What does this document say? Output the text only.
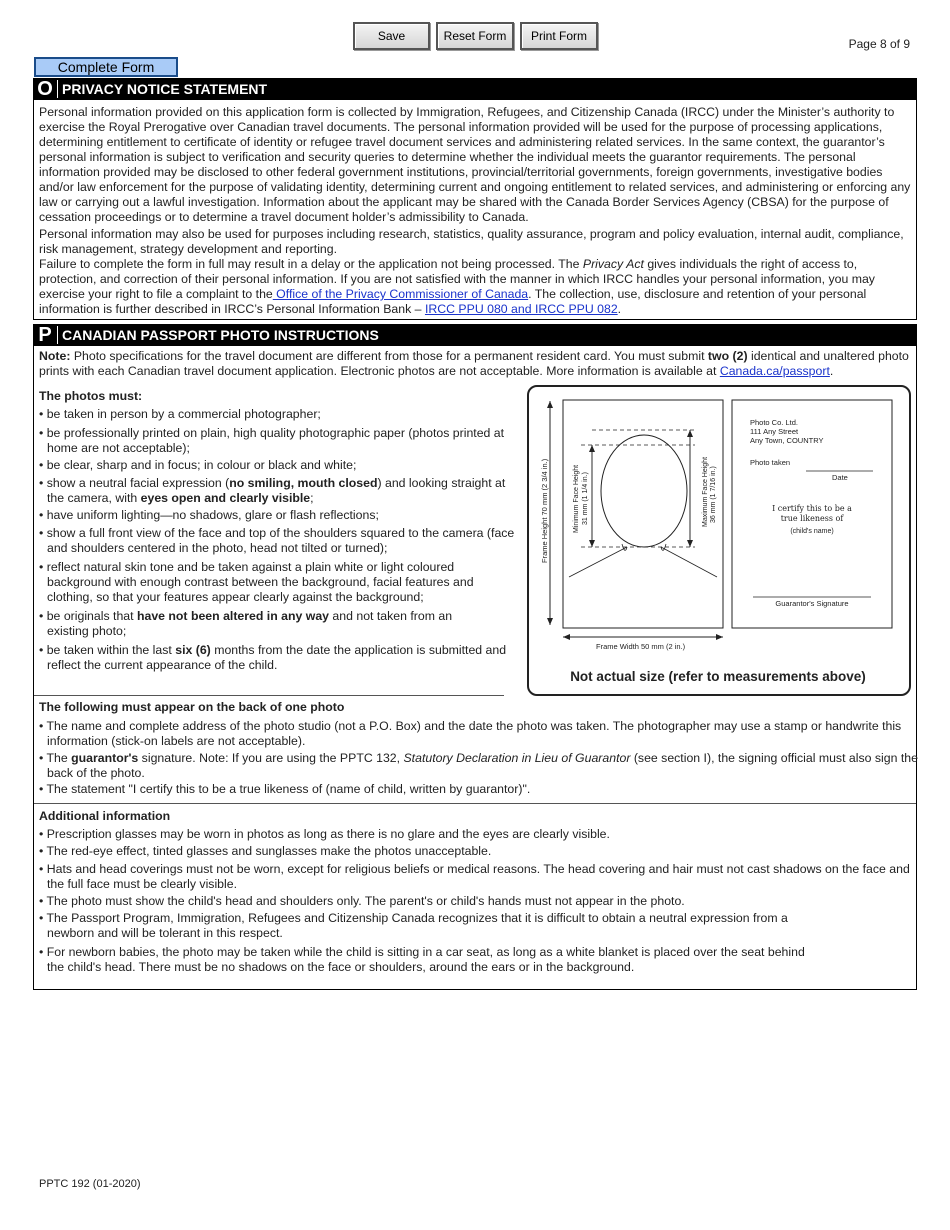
Save	Reset Form	Print Form
Page 8 of 9
Complete Form
O PRIVACY NOTICE STATEMENT

Personal information provided on this application form is collected by Immigration, Refugees, and Citizenship Canada (IRCC) under the Minister’s authority to exercise the Royal Prerogative over Canadian travel documents. The personal information provided will be used for the purpose of processing applications, determining entitlement to certificate of identity or refugee travel document services and administering related services. In the same context, the guarantor’s personal information is subject to verification and security queries to determine whether the individual meets the guarantor requirements. The personal information provided may be disclosed to other federal government institutions, provincial/territorial governments, foreign governments, investigative bodies and/or law enforcement for the purpose of validating identity, determining current and ongoing entitlement to related services, and administering or enforcing any law or carrying out a lawful investigation. Information about the applicant may be shared with the Canada Border Services Agency (CBSA) for the purpose of cessation proceedings or to determine a travel document holder’s admissibility to Canada.

Personal information may also be used for purposes including research, statistics, quality assurance, program and policy evaluation, internal audit, compliance, risk management, strategy development and reporting.

Failure to complete the form in full may result in a delay or the application not being processed. The Privacy Act gives individuals the right of access to, protection, and correction of their personal information. If you are not satisfied with the manner in which IRCC handles your personal information, you may exercise your right to file a complaint to the Office of the Privacy Commissioner of Canada. The collection, use, disclosure and retention of your personal information is further described in IRCC’s Personal Information Bank – IRCC PPU 080 and IRCC PPU 082.

P CANADIAN PASSPORT PHOTO INSTRUCTIONS

Note: Photo specifications for the travel document are different from those for a permanent resident card. You must submit two (2) identical and unaltered photo prints with each Canadian travel document application. Electronic photos are not acceptable. More information is available at Canada.ca/passport.

The photos must:

• be taken in person by a commercial photographer;

• be professionally printed on plain, high quality photographic paper (photos printed at home are not acceptable);

• be clear, sharp and in focus; in colour or black and white;

• show a neutral facial expression (no smiling, mouth closed) and looking straight at the camera, with eyes open and clearly visible;

• have uniform lighting—no shadows, glare or flash reflections;

• show a full front view of the face and top of the shoulders squared to the camera (face and shoulders centered in the photo, head not tilted or turned);

• reflect natural skin tone and be taken against a plain white or light coloured background with enough contrast between the background, facial features and clothing, so that your features appear clearly against the background;

• be originals that have not been altered in any way and not taken from an existing photo;

• be taken within the last six (6) months from the date the application is submitted and reflect the current appearance of the child.

Frame Height 70 mm (2 3/4 in.)	Minimum Face Height 31 mm (1 1/4 in.)	Maximum Face Height 36 mm (1 7/16 in.)
Frame Width 50 mm (2 in.)
Photo Co. Ltd.
111 Any Street
Any Town, COUNTRY
Photo taken
Date
I certify this to be a
true likeness of
(child's name)
Guarantor's Signature
Not actual size (refer to measurements above)
The following must appear on the back of one photo

• The name and complete address of the photo studio (not a P.O. Box) and the date the photo was taken. The photographer may use a stamp or handwrite this information (stick-on labels are not acceptable).

• The guarantor's signature. Note: If you are using the PPTC 132, Statutory Declaration in Lieu of Guarantor (see section I), the signing official must also sign the back of the photo.

• The statement "I certify this to be a true likeness of (name of child, written by guarantor)".

Additional information

• Prescription glasses may be worn in photos as long as there is no glare and the eyes are clearly visible.

• The red-eye effect, tinted glasses and sunglasses make the photos unacceptable.

• Hats and head coverings must not be worn, except for religious beliefs or medical reasons. The head covering and hair must not cast shadows on the face and the full face must be clearly visible.

• The photo must show the child's head and shoulders only. The parent's or child's hands must not appear in the photo.

• The Passport Program, Immigration, Refugees and Citizenship Canada recognizes that it is difficult to obtain a neutral expression from a newborn and will be tolerant in this respect.

• For newborn babies, the photo may be taken while the child is sitting in a car seat, as long as a white blanket is placed over the seat behind the child's head. There must be no shadows on the face or shoulders, around the ears or in the background.

PPTC 192 (01-2020)
